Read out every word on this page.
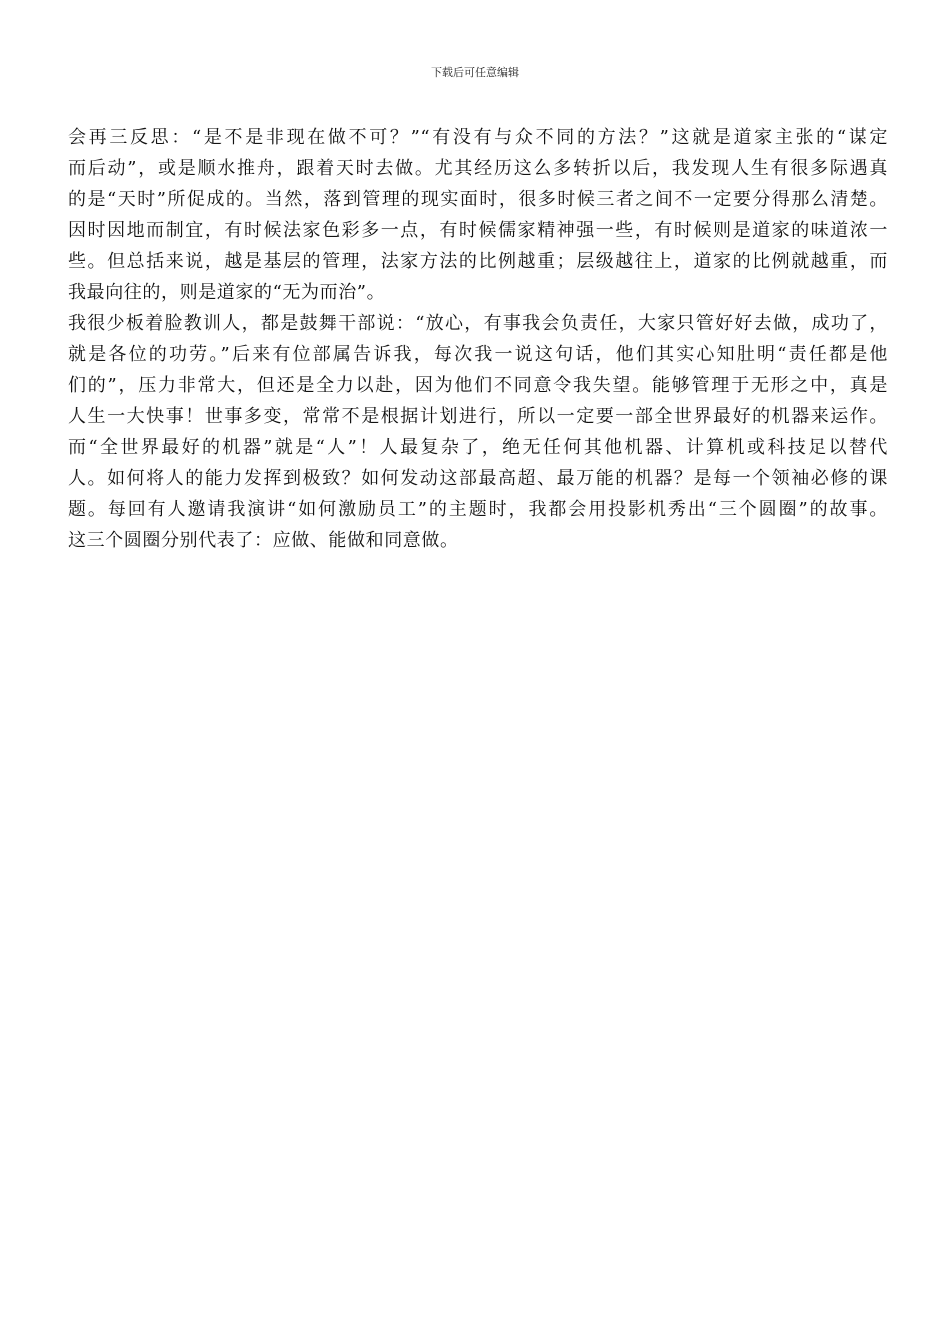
下载后可任意编辑
会再三反思：“是不是非现在做不可？”“有没有与众不同的方法？”这就是道家主张的“谋定
而后动”，或是顺水推舟，跟着天时去做。尤其经历这么多转折以后，我发现人生有很多际遇真
的是“天时”所促成的。当然，落到管理的现实面时，很多时候三者之间不一定要分得那么清楚。
因时因地而制宜，有时候法家色彩多一点，有时候儒家精神强一些，有时候则是道家的味道浓一
些。但总括来说，越是基层的管理，法家方法的比例越重；层级越往上，道家的比例就越重，而
我最向往的，则是道家的“无为而治”。
我很少板着脸教训人，都是鼓舞干部说：“放心，有事我会负责任，大家只管好好去做，成功了，
就是各位的功劳。”后来有位部属告诉我，每次我一说这句话，他们其实心知肚明“责任都是他
们的”，压力非常大，但还是全力以赴，因为他们不同意令我失望。能够管理于无形之中，真是
人生一大快事！世事多变，常常不是根据计划进行，所以一定要一部全世界最好的机器来运作。
而“全世界最好的机器”就是“人”！人最复杂了，绝无任何其他机器、计算机或科技足以替代
人。如何将人的能力发挥到极致？如何发动这部最高超、最万能的机器？是每一个领袖必修的课
题。每回有人邀请我演讲“如何激励员工”的主题时，我都会用投影机秀出“三个圆圈”的故事。
这三个圆圈分别代表了：应做、能做和同意做。
